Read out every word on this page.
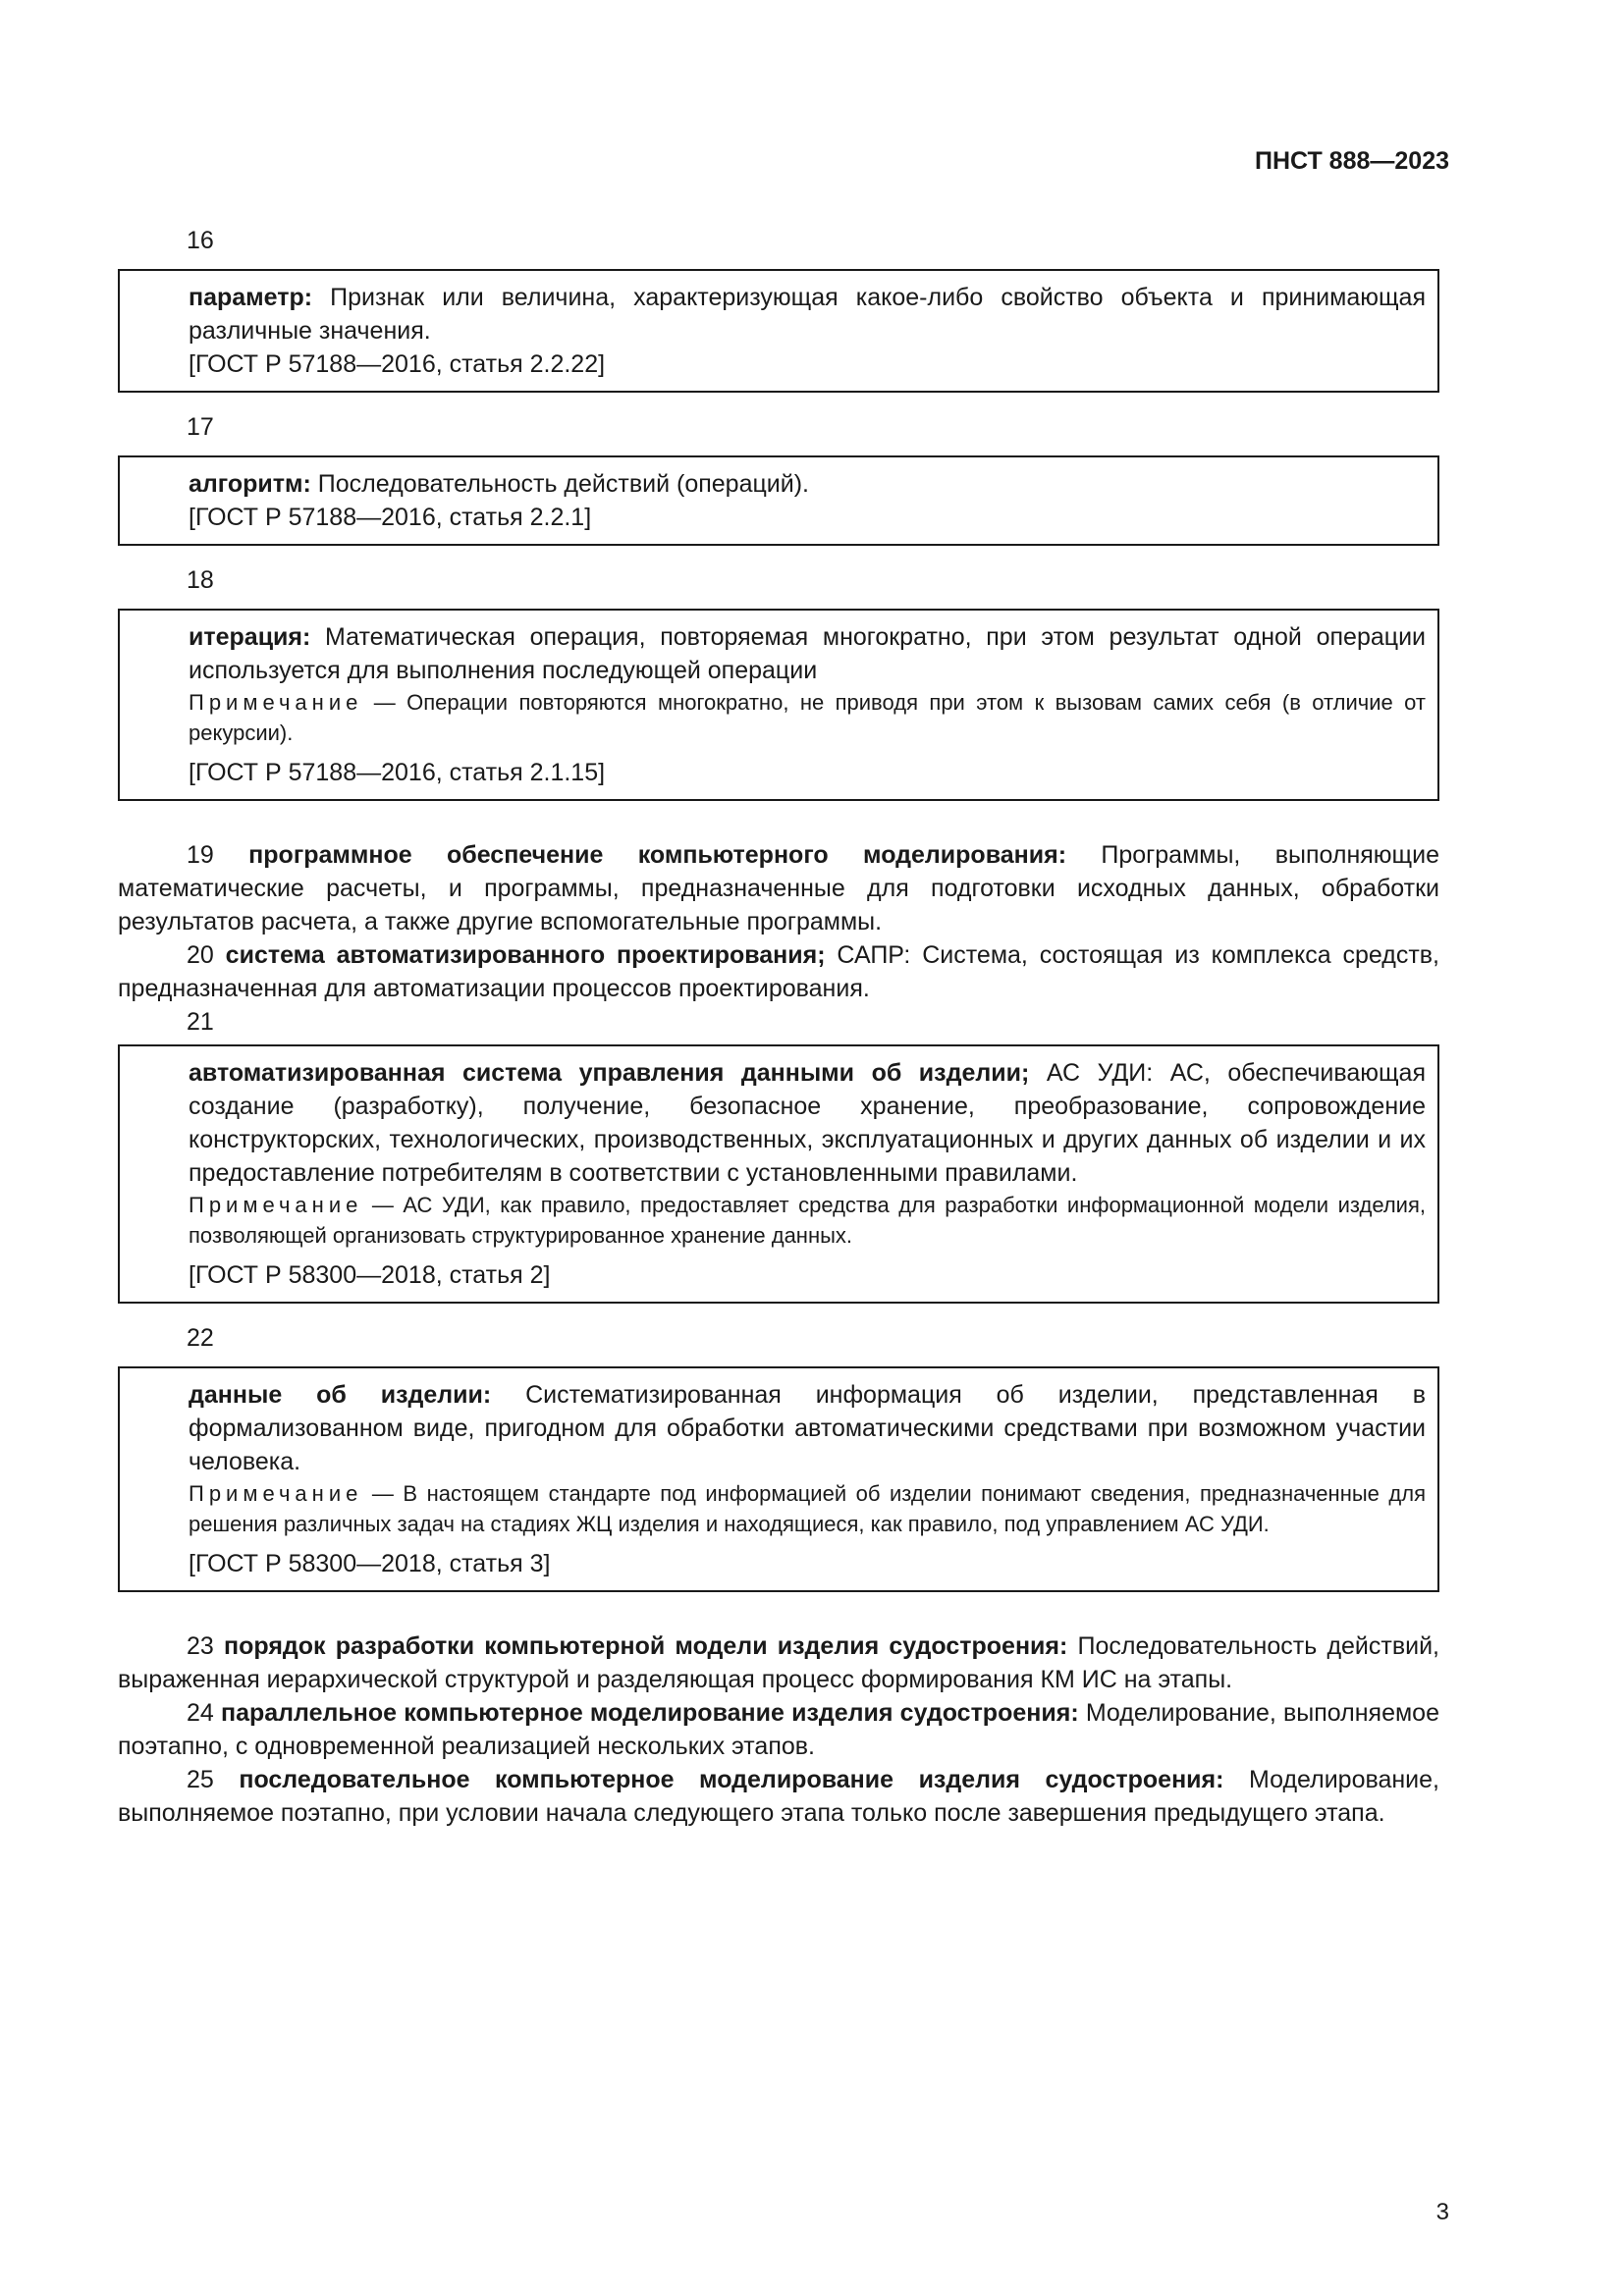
ПНСТ 888—2023
16

параметр: Признак или величина, характеризующая какое-либо свойство объекта и принимающая различные значения.

[ГОСТ Р 57188—2016, статья 2.2.22]

17

алгоритм: Последовательность действий (операций).

[ГОСТ Р 57188—2016, статья 2.2.1]

18

итерация: Математическая операция, повторяемая многократно, при этом результат одной операции используется для выполнения последующей операции

Примечание — Операции повторяются многократно, не приводя при этом к вызовам самих себя (в отличие от рекурсии).

[ГОСТ Р 57188—2016, статья 2.1.15]

19 программное обеспечение компьютерного моделирования: Программы, выполняющие математические расчеты, и программы, предназначенные для подготовки исходных данных, обработки результатов расчета, а также другие вспомогательные программы.

20 система автоматизированного проектирования; САПР: Система, состоящая из комплекса средств, предназначенная для автоматизации процессов проектирования.

21

автоматизированная система управления данными об изделии; АС УДИ: АС, обеспечивающая создание (разработку), получение, безопасное хранение, преобразование, сопровождение конструкторских, технологических, производственных, эксплуатационных и других данных об изделии и их предоставление потребителям в соответствии с установленными правилами.

Примечание — АС УДИ, как правило, предоставляет средства для разработки информационной модели изделия, позволяющей организовать структурированное хранение данных.

[ГОСТ Р 58300—2018, статья 2]

22

данные об изделии: Систематизированная информация об изделии, представленная в формализованном виде, пригодном для обработки автоматическими средствами при возможном участии человека.

Примечание — В настоящем стандарте под информацией об изделии понимают сведения, предназначенные для решения различных задач на стадиях ЖЦ изделия и находящиеся, как правило, под управлением АС УДИ.

[ГОСТ Р 58300—2018, статья 3]

23 порядок разработки компьютерной модели изделия судостроения: Последовательность действий, выраженная иерархической структурой и разделяющая процесс формирования КМ ИС на этапы.

24 параллельное компьютерное моделирование изделия судостроения: Моделирование, выполняемое поэтапно, с одновременной реализацией нескольких этапов.

25 последовательное компьютерное моделирование изделия судостроения: Моделирование, выполняемое поэтапно, при условии начала следующего этапа только после завершения предыдущего этапа.

3
